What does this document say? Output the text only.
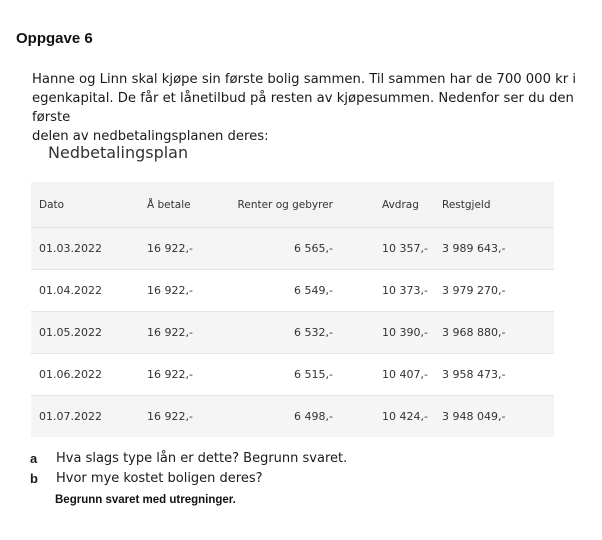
Oppgave 6
Hanne og Linn skal kjøpe sin første bolig sammen. Til sammen har de 700 000 kr i
egenkapital. De får et lånetilbud på resten av kjøpesummen. Nedenfor ser du den første
delen av nedbetalingsplanen deres:
Nedbetalingsplan
Dato	Å betale	Renter og gebyrer	Avdrag	Restgjeld
01.03.2022	16 922,-	6 565,-	10 357,-	3 989 643,-
01.04.2022	16 922,-	6 549,-	10 373,-	3 979 270,-
01.05.2022	16 922,-	6 532,-	10 390,-	3 968 880,-
01.06.2022	16 922,-	6 515,-	10 407,-	3 958 473,-
01.07.2022	16 922,-	6 498,-	10 424,-	3 948 049,-
a	Hva slags type lån er dette? Begrunn svaret.
b	Hvor mye kostet boligen deres?
Begrunn svaret med utregninger.
